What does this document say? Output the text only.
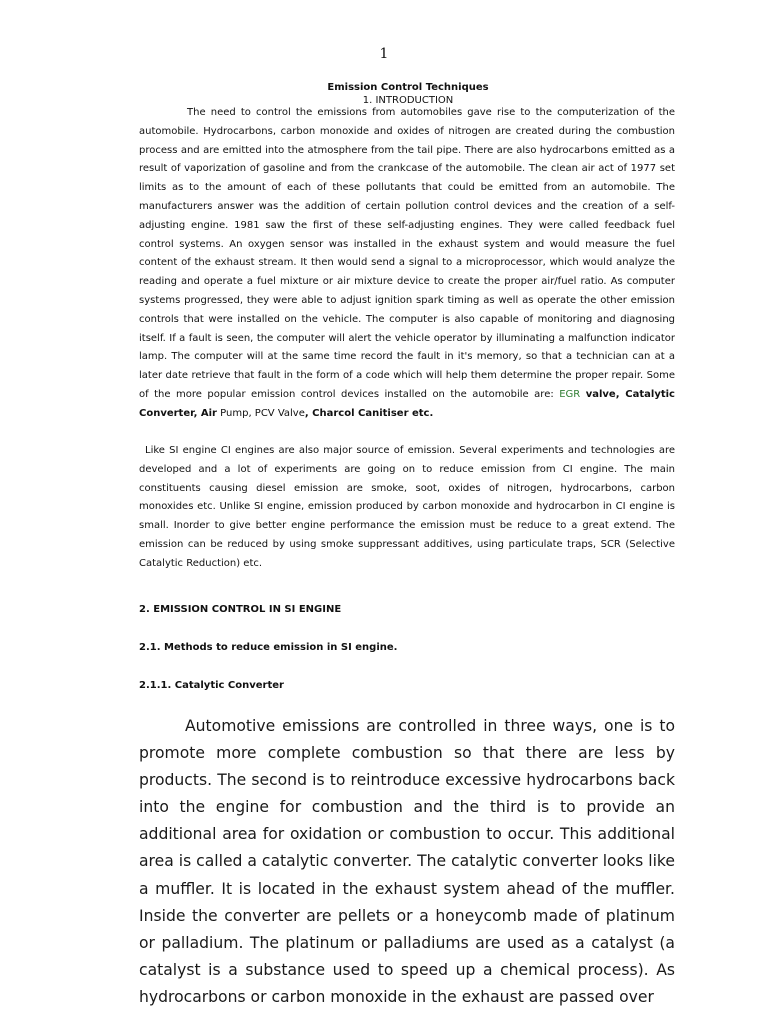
1
Emission Control Techniques
1. INTRODUCTION

The need to control the emissions from automobiles gave rise to the computerization of the automobile. Hydrocarbons, carbon monoxide and oxides of nitrogen are created during the combustion process and are emitted into the atmosphere from the tail pipe. There are also hydrocarbons emitted as a result of vaporization of gasoline and from the crankcase of the automobile. The clean air act of 1977 set limits as to the amount of each of these pollutants that could be emitted from an automobile. The manufacturers answer was the addition of certain pollution control devices and the creation of a self-adjusting engine. 1981 saw the first of these self-adjusting engines. They were called feedback fuel control systems. An oxygen sensor was installed in the exhaust system and would measure the fuel content of the exhaust stream. It then would send a signal to a microprocessor, which would analyze the reading and operate a fuel mixture or air mixture device to create the proper air/fuel ratio. As computer systems progressed, they were able to adjust ignition spark timing as well as operate the other emission controls that were installed on the vehicle. The computer is also capable of monitoring and diagnosing itself. If a fault is seen, the computer will alert the vehicle operator by illuminating a malfunction indicator lamp. The computer will at the same time record the fault in it's memory, so that a technician can at a later date retrieve that fault in the form of a code which will help them determine the proper repair. Some of the more popular emission control devices installed on the automobile are: EGR valve, Catalytic Converter, Air Pump, PCV Valve, Charcol Canitiser etc.

Like SI engine CI engines are also major source of emission. Several experiments and technologies are developed and a lot of experiments are going on to reduce emission from CI engine. The main constituents causing diesel emission are smoke, soot, oxides of nitrogen, hydrocarbons, carbon monoxides etc. Unlike SI engine, emission produced by carbon monoxide and hydrocarbon in CI engine is small. Inorder to give better engine performance the emission must be reduce to a great extend. The emission can be reduced by using smoke suppressant additives, using particulate traps, SCR (Selective Catalytic Reduction) etc.

2. EMISSION CONTROL IN SI ENGINE
2.1. Methods to reduce emission in SI engine.
2.1.1. Catalytic Converter

Automotive emissions are controlled in three ways, one is to promote more complete combustion so that there are less by products. The second is to reintroduce excessive hydrocarbons back into the engine for combustion and the third is to provide an additional area for oxidation or combustion to occur. This additional area is called a catalytic converter. The catalytic converter looks like a muffler. It is located in the exhaust system ahead of the muffler. Inside the converter are pellets or a honeycomb made of platinum or palladium. The platinum or palladiums are used as a catalyst (a catalyst is a substance used to speed up a chemical process). As hydrocarbons or carbon monoxide in the exhaust are passed over
